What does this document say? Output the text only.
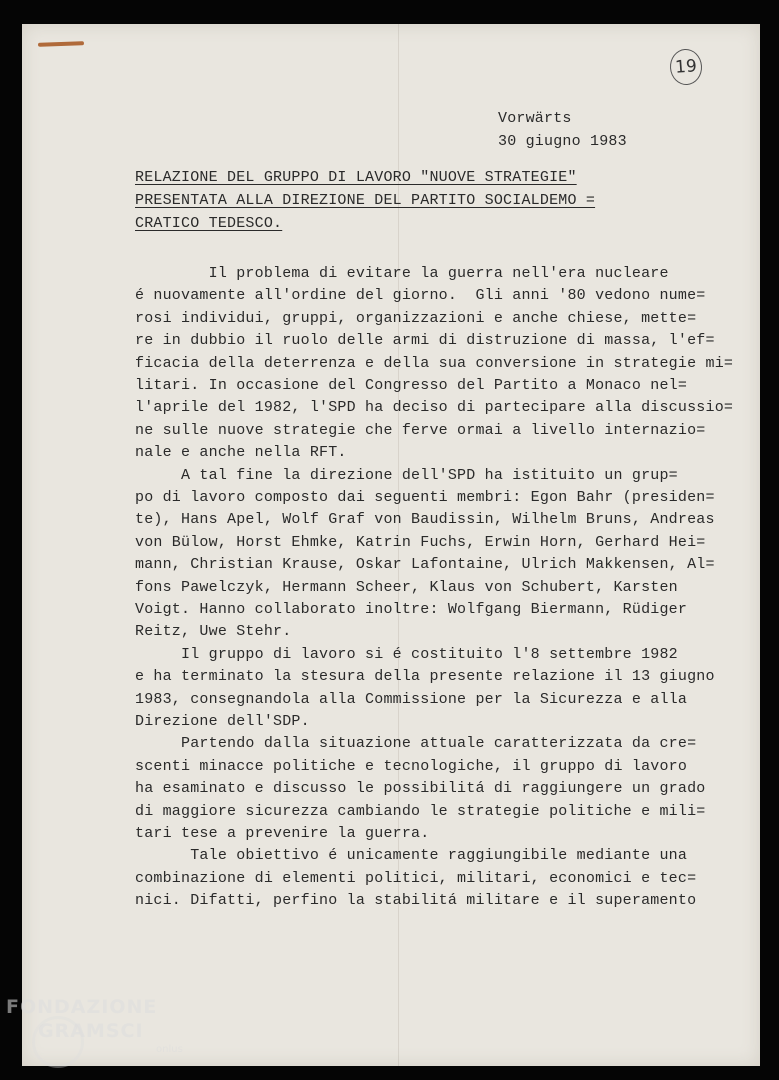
19
Vorwärts
30 giugno 1983
RELAZIONE DEL GRUPPO DI LAVORO "NUOVE STRATEGIE"
PRESENTATA ALLA DIREZIONE DEL PARTITO SOCIALDEMO =
CRATICO TEDESCO.
Il problema di evitare la guerra nell'era nucleare
é nuovamente all'ordine del giorno.  Gli anni '80 vedono nume=
rosi individui, gruppi, organizzazioni e anche chiese, mette=
re in dubbio il ruolo delle armi di distruzione di massa, l'ef=
ficacia della deterrenza e della sua conversione in strategie mi=
litari. In occasione del Congresso del Partito a Monaco nel=
l'aprile del 1982, l'SPD ha deciso di partecipare alla discussio=
ne sulle nuove strategie che ferve ormai a livello internazio=
nale e anche nella RFT.
A tal fine la direzione dell'SPD ha istituito un grup=
po di lavoro composto dai seguenti membri: Egon Bahr (presiden=
te), Hans Apel, Wolf Graf von Baudissin, Wilhelm Bruns, Andreas
von Bülow, Horst Ehmke, Katrin Fuchs, Erwin Horn, Gerhard Hei=
mann, Christian Krause, Oskar Lafontaine, Ulrich Makkensen, Al=
fons Pawelczyk, Hermann Scheer, Klaus von Schubert, Karsten
Voigt. Hanno collaborato inoltre: Wolfgang Biermann, Rüdiger
Reitz, Uwe Stehr.
Il gruppo di lavoro si é costituito l'8 settembre 1982
e ha terminato la stesura della presente relazione il 13 giugno
1983, consegnandola alla Commissione per la Sicurezza e alla
Direzione dell'SDP.
Partendo dalla situazione attuale caratterizzata da cre=
scenti minacce politiche e tecnologiche, il gruppo di lavoro
ha esaminato e discusso le possibilitá di raggiungere un grado
di maggiore sicurezza cambiando le strategie politiche e mili=
tari tese a prevenire la guerra.
Tale obiettivo é unicamente raggiungibile mediante una
combinazione di elementi politici, militari, economici e tec=
nici. Difatti, perfino la stabilitá militare e il superamento
FONDAZIONE
GRAMSCI
onlus
